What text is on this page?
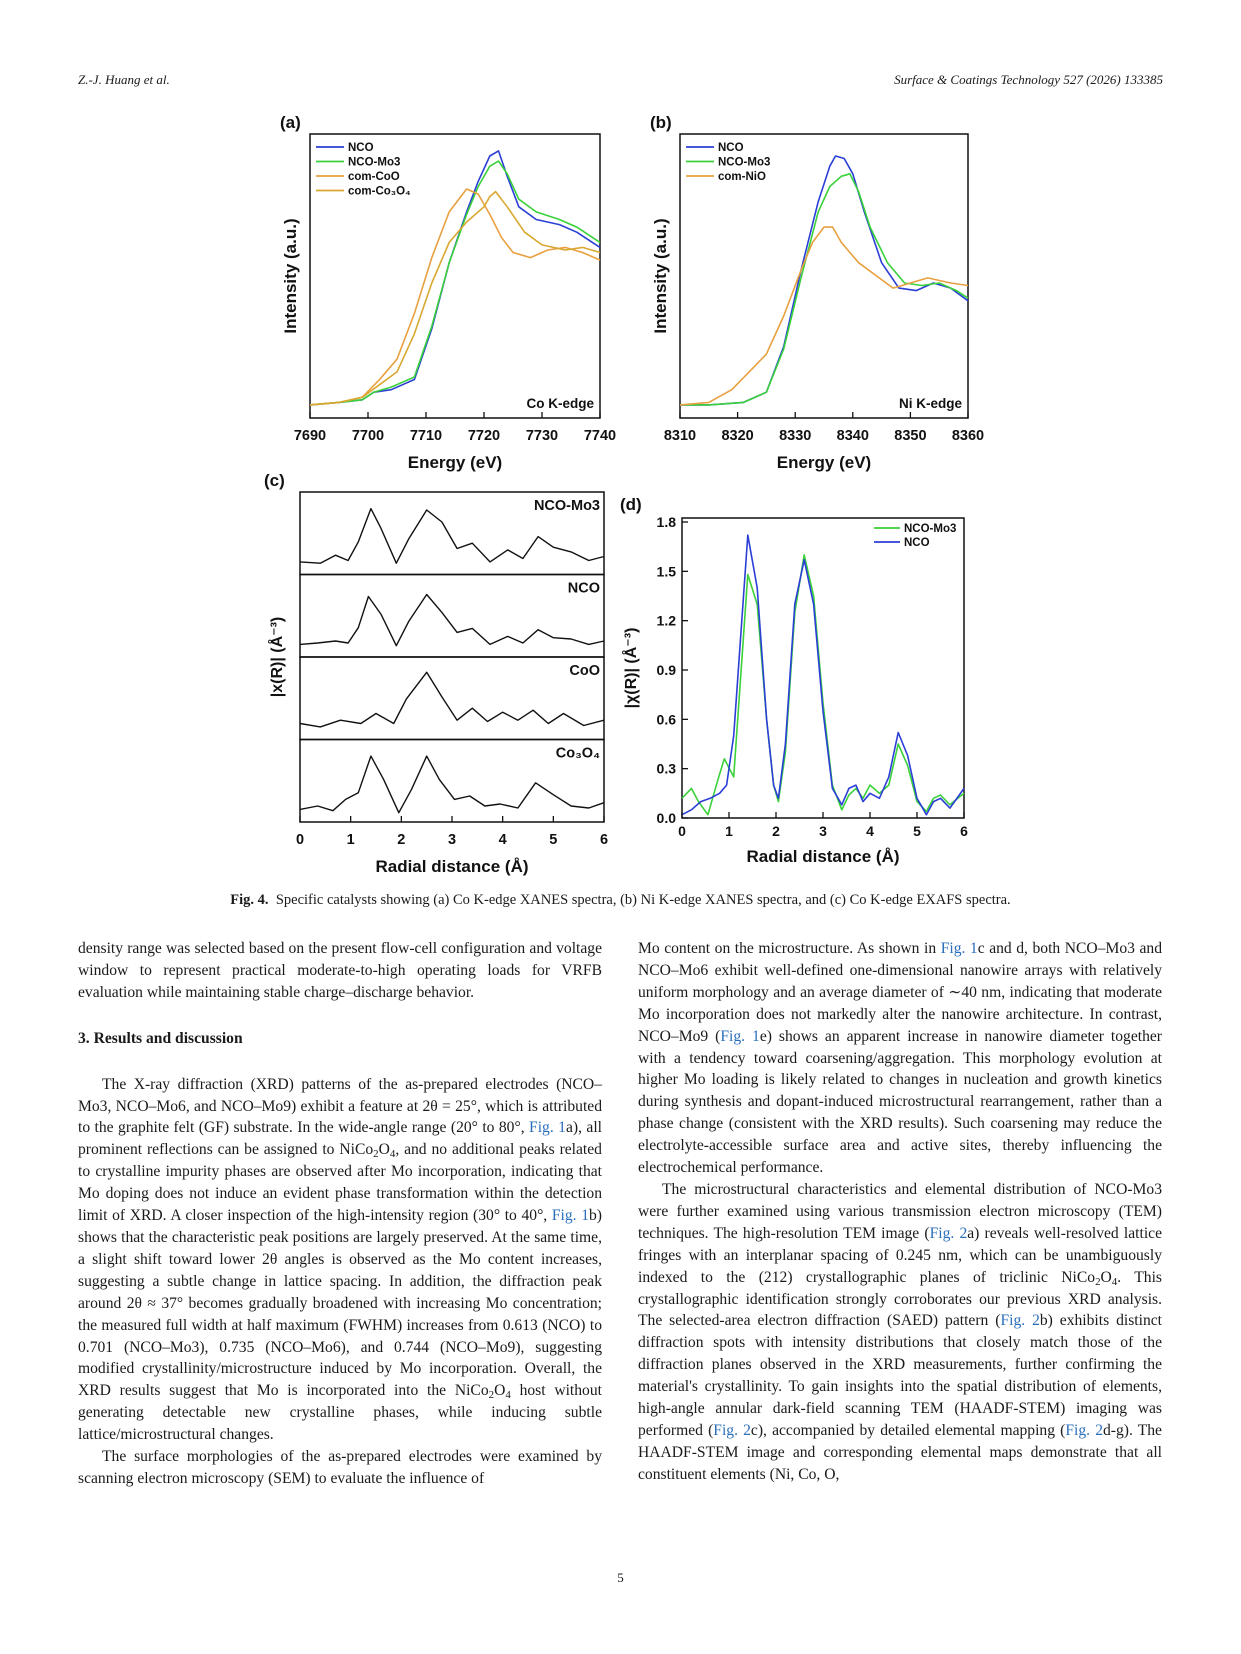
Z.-J. Huang et al.	Surface & Coatings Technology 527 (2026) 133385
(a)
7690 7700 7710 7720 7730 7740
Energy (eV)
Intensity (a.u.)
Co K-edge
NCO
NCO-Mo3
com-CoO
com-Co₃O₄
(b)
8310 8320 8330 8340 8350 8360
Energy (eV)
Intensity (a.u.)
Ni K-edge
NCO
NCO-Mo3
com-NiO
(c)
NCO-Mo3
NCO
CoO
Co₃O₄
0	1	2	3	4	5	6
Radial distance (Å)
|x(R)| (Å⁻³)
(d)
0	1	2	3	4	5	6
0.0
0.3
0.6
0.9
1.2
1.5
1.8
Radial distance (Å)
|χ(R)| (Å⁻³)
NCO-Mo3
NCO
Fig. 4. Specific catalysts showing (a) Co K-edge XANES spectra, (b) Ni K-edge XANES spectra, and (c) Co K-edge EXAFS spectra.

density range was selected based on the present flow-cell configuration and voltage window to represent practical moderate-to-high operating loads for VRFB evaluation while maintaining stable charge–discharge behavior.

3. Results and discussion

The X-ray diffraction (XRD) patterns of the as-prepared electrodes (NCO–Mo3, NCO–Mo6, and NCO–Mo9) exhibit a feature at 2θ = 25°, which is attributed to the graphite felt (GF) substrate. In the wide-angle range (20° to 80°, Fig. 1a), all prominent reflections can be assigned to $NiCo_2O_4$, and no additional peaks related to crystalline impurity phases are observed after Mo incorporation, indicating that Mo doping does not induce an evident phase transformation within the detection limit of XRD. A closer inspection of the high-intensity region (30° to 40°, Fig. 1b) shows that the characteristic peak positions are largely preserved. At the same time, a slight shift toward lower 2θ angles is observed as the Mo content increases, suggesting a subtle change in lattice spacing. In addition, the diffraction peak around 2θ ≈ 37° becomes gradually broadened with increasing Mo concentration; the measured full width at half maximum (FWHM) increases from 0.613 (NCO) to 0.701 (NCO–Mo3), 0.735 (NCO–Mo6), and 0.744 (NCO–Mo9), suggesting modified crystallinity/microstructure induced by Mo incorporation. Overall, the XRD results suggest that Mo is incorporated into the $NiCo_2O_4$ host without generating detectable new crystalline phases, while inducing subtle lattice/microstructural changes.

The surface morphologies of the as-prepared electrodes were examined by scanning electron microscopy (SEM) to evaluate the influence of

Mo content on the microstructure. As shown in Fig. 1c and d, both NCO–Mo3 and NCO–Mo6 exhibit well-defined one-dimensional nanowire arrays with relatively uniform morphology and an average diameter of ∼40 nm, indicating that moderate Mo incorporation does not markedly alter the nanowire architecture. In contrast, NCO–Mo9 (Fig. 1e) shows an apparent increase in nanowire diameter together with a tendency toward coarsening/aggregation. This morphology evolution at higher Mo loading is likely related to changes in nucleation and growth kinetics during synthesis and dopant-induced microstructural rearrangement, rather than a phase change (consistent with the XRD results). Such coarsening may reduce the electrolyte-accessible surface area and active sites, thereby influencing the electrochemical performance.

The microstructural characteristics and elemental distribution of NCO-Mo3 were further examined using various transmission electron microscopy (TEM) techniques. The high-resolution TEM image (Fig. 2a) reveals well-resolved lattice fringes with an interplanar spacing of 0.245 nm, which can be unambiguously indexed to the (212) crystallographic planes of triclinic $NiCo_2O_4$. This crystallographic identification strongly corroborates our previous XRD analysis. The selected-area electron diffraction (SAED) pattern (Fig. 2b) exhibits distinct diffraction spots with intensity distributions that closely match those of the diffraction planes observed in the XRD measurements, further confirming the material's crystallinity. To gain insights into the spatial distribution of elements, high-angle annular dark-field scanning TEM (HAADF-STEM) imaging was performed (Fig. 2c), accompanied by detailed elemental mapping (Fig. 2d-g). The HAADF-STEM image and corresponding elemental maps demonstrate that all constituent elements (Ni, Co, O,

5
